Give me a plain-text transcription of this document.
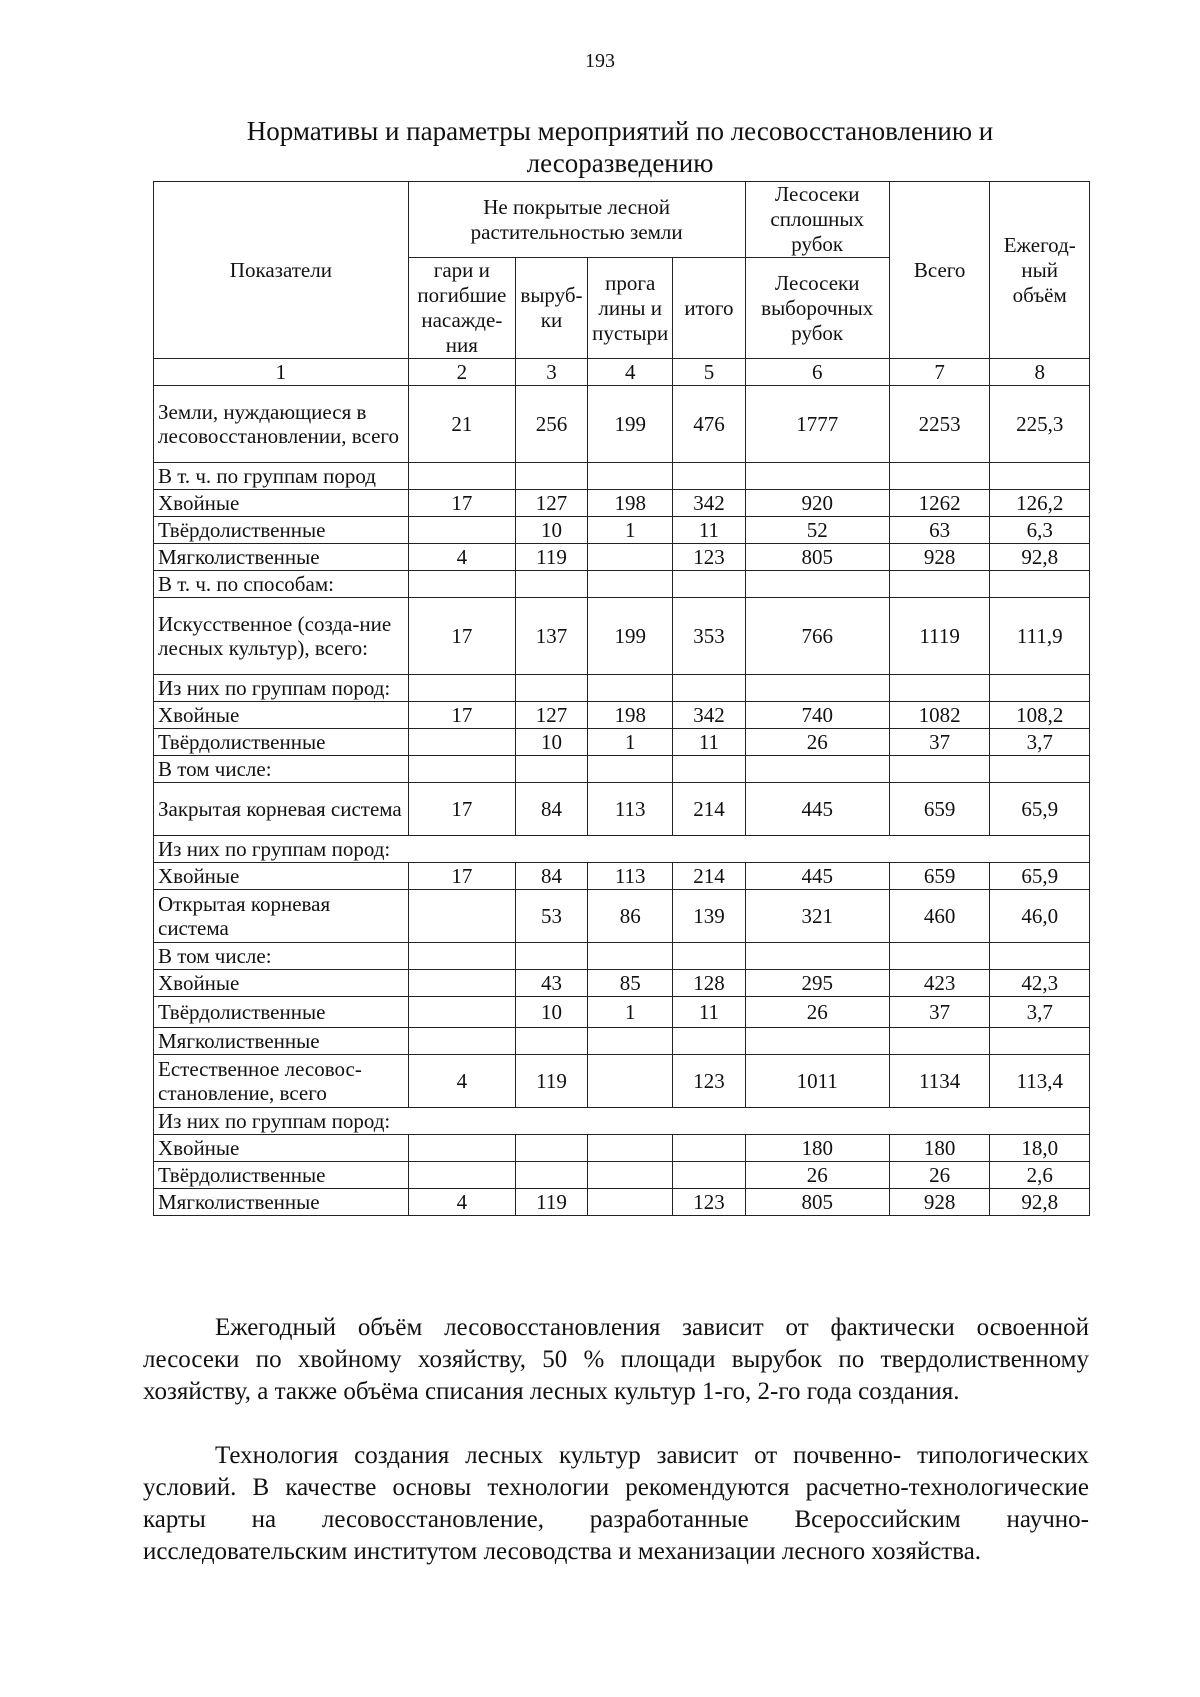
193
Нормативы и параметры мероприятий по лесовосстановлению и
лесоразведению
Показатели	Не покрытые лесной растительностью земли				Лесосеки сплошных рубок	Всего	Ежегод-ный объём
	гари и погибшие насажде-ния	выруб-ки	прога лины и пустыри	итого	Лесосеки выборочных рубок		
1	2	3	4	5	6	7	8
Земли, нуждающиеся в лесовосстановлении, всего	21	256	199	476	1777	2253	225,3
В т. ч. по группам пород							
Хвойные	17	127	198	342	920	1262	126,2
Твёрдолиственные		10	1	11	52	63	6,3
Мягколиственные	4	119		123	805	928	92,8
В т. ч. по способам:							
Искусственное (созда-ние лесных культур), всего:	17	137	199	353	766	1119	111,9
Из них по группам пород:							
Хвойные	17	127	198	342	740	1082	108,2
Твёрдолиственные		10	1	11	26	37	3,7
В том числе:							
Закрытая корневая система	17	84	113	214	445	659	65,9
Из них по группам пород:							
Хвойные	17	84	113	214	445	659	65,9
Открытая корневая система		53	86	139	321	460	46,0
В том числе:							
Хвойные		43	85	128	295	423	42,3
Твёрдолиственные		10	1	11	26	37	3,7
Мягколиственные							
Естественное лесовос-становление, всего	4	119		123	1011	1134	113,4
Из них по группам пород:							
Хвойные					180	180	18,0
Твёрдолиственные					26	26	2,6
Мягколиственные	4	119		123	805	928	92,8

Ежегодный объём лесовосстановления зависит от фактически освоенной лесосеки по хвойному хозяйству, 50 % площади вырубок по твердолиственному хозяйству, а также объёма списания лесных культур 1-го, 2-го года создания.

Технология создания лесных культур зависит от почвенно- типологических условий. В качестве основы технологии рекомендуются расчетно-технологические карты на лесовосстановление, разработанные Всероссийским научно-исследовательским институтом лесоводства и механизации лесного хозяйства.
